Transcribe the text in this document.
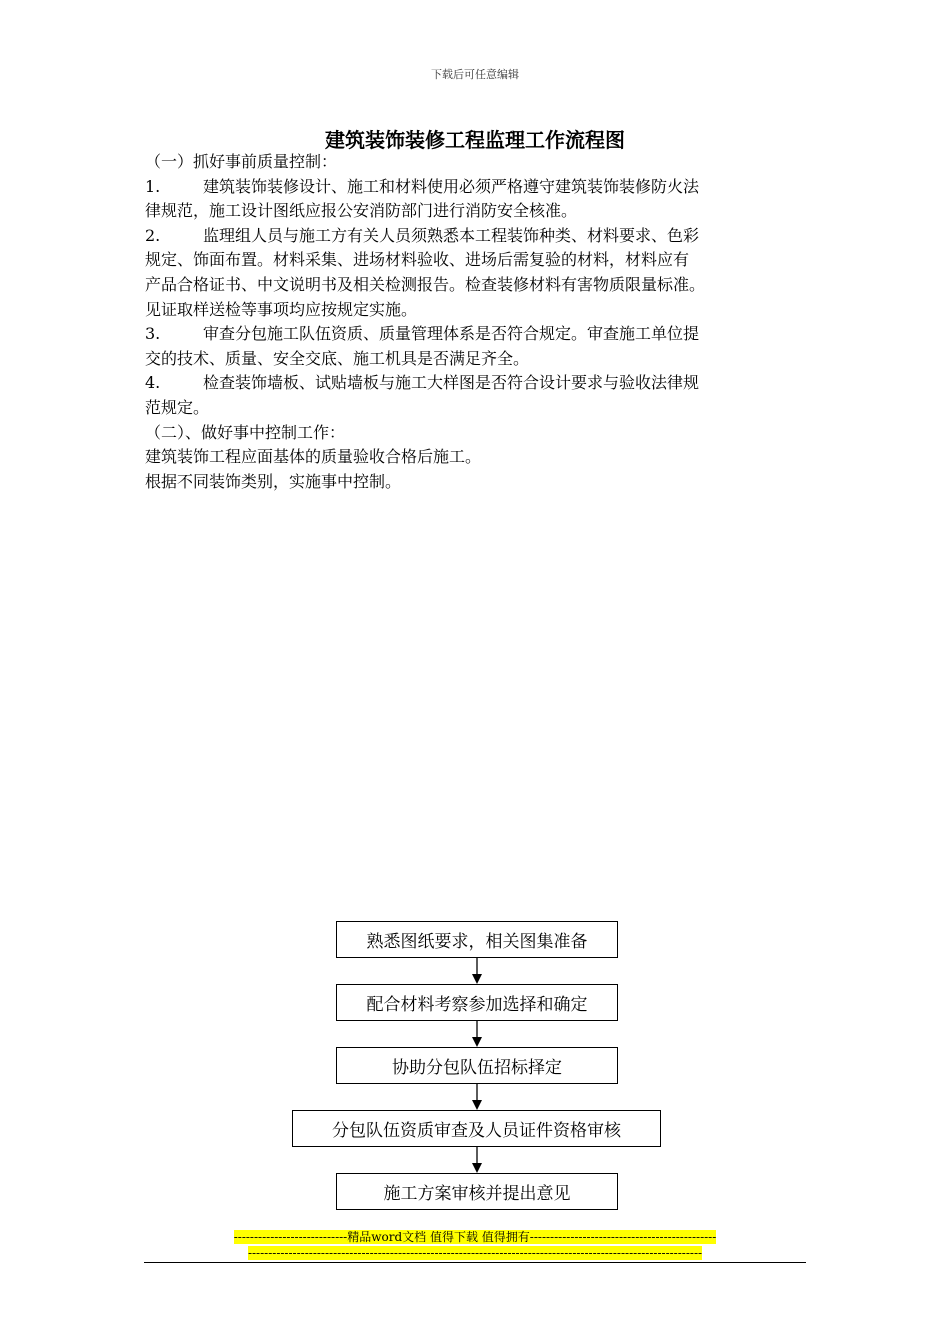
下载后可任意编辑
建筑装饰装修工程监理工作流程图

（一）抓好事前质量控制：

1.	建筑装饰装修设计、施工和材料使用必须严格遵守建筑装饰装修防火法

律规范，施工设计图纸应报公安消防部门进行消防安全核准。

2.	监理组人员与施工方有关人员须熟悉本工程装饰种类、材料要求、色彩

规定、饰面布置。材料采集、进场材料验收、进场后需复验的材料，材料应有

产品合格证书、中文说明书及相关检测报告。检查装修材料有害物质限量标准。

见证取样送检等事项均应按规定实施。

3.	审查分包施工队伍资质、质量管理体系是否符合规定。审查施工单位提

交的技术、质量、安全交底、施工机具是否满足齐全。

4.	检查装饰墙板、试贴墙板与施工大样图是否符合设计要求与验收法律规

范规定。

（二）、做好事中控制工作：

建筑装饰工程应面基体的质量验收合格后施工。

根据不同装饰类别，实施事中控制。

熟悉图纸要求，相关图集准备
配合材料考察参加选择和确定
协助分包队伍招标择定
分包队伍资质审查及人员证件资格审核
施工方案审核并提出意见
----------------------------精品word文档 值得下载 值得拥有----------------------------------------------
----------------------------------------------------------------------------------------------------------------
